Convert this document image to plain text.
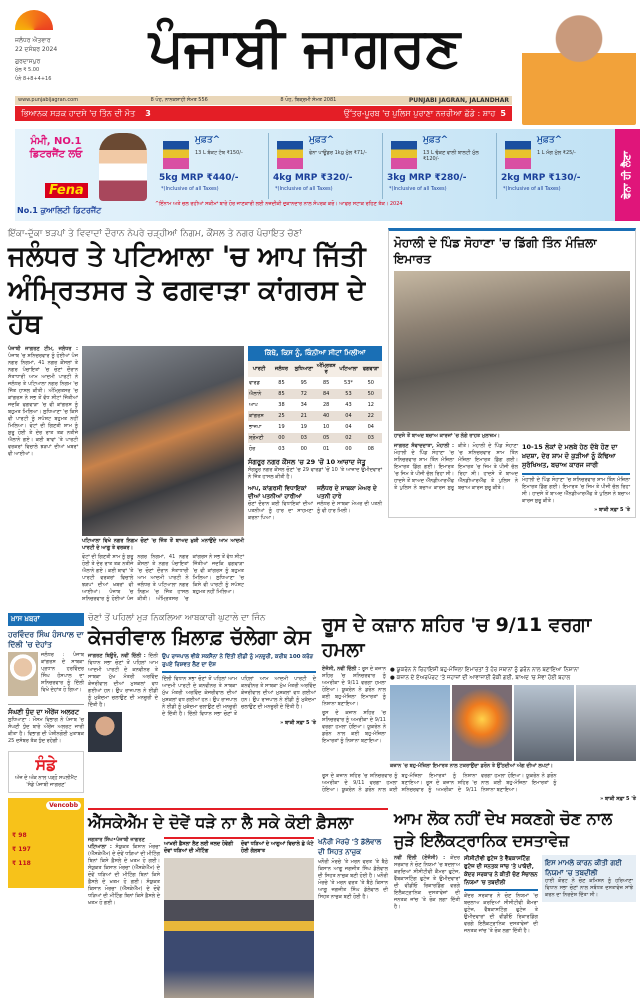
ਜਲੰਧਰ ਐਤਵਾਰ
22 ਦਸੰਬਰ 2024
ਗੁਰਦਾਸਪੁਰ
ਮੁੱਲ ₹ 5.00
ਪੰਨੇ 8+8+4+16	ਪੰਜਾਬੀ ਜਾਗਰਣ
www.punjabijagran.com	8 ਪੋਹ, ਨਾਨਕਸ਼ਾਹੀ ਸੰਮਤ 556	8 ਪੋਹ, ਬਿਕ੍ਰਮੀ ਸੰਮਤ 2081	PUNJABI JAGRAN, JALANDHAR
ਭਿਆਨਕ ਸੜਕ ਹਾਦਸੇ 'ਚ ਤਿੰਨ ਦੀ ਮੌਤ 3	ਉੱਤਰ-ਪੂਰਬ 'ਚ ਪੁਲਿਸ ਪੁਰਾਣਾ ਨਜ਼ਰੀਆ ਛੱਡੇ : ਸ਼ਾਹ 5
ਮੰਮੀ, NO.1 ਡਿਟਰਜੈਂਟ ਲਓ
Fena
No.1 ਕੁਆਲਿਟੀ ਡਿਟਰਜੈਂਟ
ਮੁਫ਼ਤ^
13 L ਬੱਕਟ ਟੱਬ ₹150/-
5kg MRP ₹440/-
*(Inclusive of all Taxes)
ਮੁਫ਼ਤ^
ਫੇਨਾ ਪਾਊਡਰ 1kg ਮੁੱਲ ₹71/-
4kg MRP ₹320/-
*(Inclusive of all Taxes)
ਮੁਫ਼ਤ^
13 L ਢੱਕਣ ਵਾਲੀ ਬਾਲਟੀ ਮੁੱਲ ₹120/-
3kg MRP ₹280/-
*(Inclusive of all Taxes)
ਮੁਫ਼ਤ^
1 L ਮੱਗ ਮੁੱਲ ₹25/-
2kg MRP ₹130/-
*(Inclusive of all Taxes)
^ਇੰਨਾਮ ਅਤੇ ਚਲ ਰਹੀਆਂ ਸਕੀਮਾਂ ਬਾਰੇ ਹੋਰ ਜਾਣਕਾਰੀ ਲਈ ਨਜ਼ਦੀਕੀ ਦੁਕਾਨਦਾਰ ਨਾਲ ਸੰਪਰਕ ਕਰੋ। ਆਫਰ ਸਟਾਕ ਰਹਿਣ ਤੱਕ। 2024
ਫੇਨਾ ਹੀ ਲੈਣਾ
ਇੱਕਾ-ਦੁੱਕਾ ਝੜਪਾਂ ਤੇ ਵਿਵਾਦਾਂ ਦੌਰਾਨ ਨੇਪਰੇ ਚੜ੍ਹੀਆਂ ਨਿਗਮ, ਕੌਂਸਲ ਤੇ ਨਗਰ ਪੰਚਾਇਤ ਚੋਣਾਂ
ਜਲੰਧਰ ਤੇ ਪਟਿਆਲਾ 'ਚ ਆਪ ਜਿੱਤੀ
ਅੰਮ੍ਰਿਤਸਰ ਤੇ ਫਗਵਾੜਾ ਕਾਂਗਰਸ ਦੇ ਹੱਥ
ਪੰਜਾਬੀ ਜਾਗਰਣ ਟੀਮ, ਜਲੰਧਰ : ਪੰਜਾਬ 'ਚ ਸ਼ਨਿਚਰਵਾਰ ਨੂੰ ਹੋਈਆਂ ਪੰਜ ਨਗਰ ਨਿਗਮਾਂ, 41 ਨਗਰ ਕੌਂਸਲਾਂ ਤੇ ਨਗਰ ਪੰਚਾਇਤਾਂ 'ਚ ਚੋਣਾਂ ਦੌਰਾਨ ਸੱਤਾਧਾਰੀ ਆਮ ਆਦਮੀ ਪਾਰਟੀ ਨੇ ਜਲੰਧਰ ਤੇ ਪਟਿਆਲਾ ਨਗਰ ਨਿਗਮ 'ਚ ਜਿੱਤ ਹਾਸਲ ਕੀਤੀ। ਅੰਮ੍ਰਿਤਸਰ 'ਚ ਕਾਂਗਰਸ ਨੇ ਸਭ ਤੋਂ ਵੱਧ ਸੀਟਾਂ ਜਿੱਤੀਆਂ ਜਦਕਿ ਫਗਵਾੜਾ 'ਚ ਵੀ ਕਾਂਗਰਸ ਨੂੰ ਬਹੁਮਤ ਮਿਲਿਆ। ਲੁਧਿਆਣਾ 'ਚ ਕਿਸੇ ਵੀ ਪਾਰਟੀ ਨੂੰ ਸਪੱਸ਼ਟ ਬਹੁਮਤ ਨਹੀਂ ਮਿਲਿਆ। ਵੋਟਾਂ ਦੀ ਗਿਣਤੀ ਸ਼ਾਮ ਨੂੰ ਸ਼ੁਰੂ ਹੋਈ ਤੇ ਦੇਰ ਰਾਤ ਤਕ ਨਤੀਜੇ ਐਲਾਨੇ ਗਏ। ਕਈ ਥਾਵਾਂ 'ਤੇ ਪਾਰਟੀ ਵਰਕਰਾਂ ਵਿਚਾਲੇ ਝੜਪਾਂ ਦੀਆਂ ਖ਼ਬਰਾਂ ਵੀ ਆਈਆਂ।
ਪਟਿਆਲਾ ਵਿਖੇ ਨਗਰ ਨਿਗਮ ਚੋਣਾਂ 'ਚ ਜਿੱਤ ਤੋਂ ਬਾਅਦ ਖ਼ੁਸ਼ੀ ਮਨਾਉਂਦੇ ਆਮ ਆਦਮੀ ਪਾਰਟੀ ਦੇ ਆਗੂ ਤੇ ਵਰਕਰ।
ਵੋਟਾਂ ਦੀ ਗਿਣਤੀ ਸ਼ਾਮ ਨੂੰ ਸ਼ੁਰੂ ਹੋਈ ਤੇ ਦੇਰ ਰਾਤ ਤਕ ਨਤੀਜੇ ਐਲਾਨੇ ਗਏ। ਕਈ ਥਾਵਾਂ 'ਤੇ ਪਾਰਟੀ ਵਰਕਰਾਂ ਵਿਚਾਲੇ ਝੜਪਾਂ ਦੀਆਂ ਖ਼ਬਰਾਂ ਵੀ ਆਈਆਂ। ਪੰਜਾਬ 'ਚ ਸ਼ਨਿਚਰਵਾਰ ਨੂੰ ਹੋਈਆਂ ਪੰਜ ਨਗਰ ਨਿਗਮਾਂ, 41 ਨਗਰ ਕੌਂਸਲਾਂ ਤੇ ਨਗਰ ਪੰਚਾਇਤਾਂ 'ਚ ਚੋਣਾਂ ਦੌਰਾਨ ਸੱਤਾਧਾਰੀ ਆਮ ਆਦਮੀ ਪਾਰਟੀ ਨੇ ਜਲੰਧਰ ਤੇ ਪਟਿਆਲਾ ਨਗਰ ਨਿਗਮ 'ਚ ਜਿੱਤ ਹਾਸਲ ਕੀਤੀ। ਅੰਮ੍ਰਿਤਸਰ 'ਚ ਕਾਂਗਰਸ ਨੇ ਸਭ ਤੋਂ ਵੱਧ ਸੀਟਾਂ ਜਿੱਤੀਆਂ ਜਦਕਿ ਫਗਵਾੜਾ 'ਚ ਵੀ ਕਾਂਗਰਸ ਨੂੰ ਬਹੁਮਤ ਮਿਲਿਆ। ਲੁਧਿਆਣਾ 'ਚ ਕਿਸੇ ਵੀ ਪਾਰਟੀ ਨੂੰ ਸਪੱਸ਼ਟ ਬਹੁਮਤ ਨਹੀਂ ਮਿਲਿਆ।
ਕਿੱਥੇ, ਕਿਸ ਨੂੰ, ਕਿੰਨੀਆਂ ਸੀਟਾਂ ਮਿਲੀਆਂ
ਪਾਰਟੀ	ਜਲੰਧਰ	ਲੁਧਿਆਣਾ	ਅੰਮ੍ਰਿਤਸਰ	ਪਟਿਆਲਾ	ਫਗਵਾੜਾ
ਵਾਰਡ	85	95	85	53*	50
ਐਲਾਨੇ	85	72	84	53	50
ਆਪ	38	34	28	43	12
ਕਾਂਗਰਸ	25	21	40	04	22
ਭਾਜਪਾ	19	19	10	04	04
ਸ਼੍ਰੋਮਣੀ	00	03	05	02	03
ਹੋਰ	03	00	01	00	08
ਸੰਗਰੂਰ ਨਗਰ ਕੌਂਸਲ 'ਚ 29 'ਚੋਂ 10 ਆਜ਼ਾਦ ਜੇਤੂ
ਸੰਗਰੂਰ ਨਗਰ ਕੌਂਸਲ ਚੋਣਾਂ 'ਚ 29 ਵਾਰਡਾਂ 'ਚੋਂ 10 'ਤੇ ਆਜ਼ਾਦ ਉਮੀਦਵਾਰਾਂ ਨੇ ਜਿੱਤ ਹਾਸਲ ਕੀਤੀ ਹੈ।
ਆਪ, ਕਾਂਗਰਸੀ ਵਿਧਾਇਕਾਂ ਦੀਆਂ ਪਤਨੀਆਂ ਹਾਰੀਆਂ
ਚੋਣਾਂ ਦੌਰਾਨ ਕਈ ਵਿਧਾਇਕਾਂ ਦੀਆਂ ਪਤਨੀਆਂ ਨੂੰ ਹਾਰ ਦਾ ਸਾਹਮਣਾ ਕਰਨਾ ਪਿਆ।
ਜਲੰਧਰ ਦੇ ਸਾਬਕਾ ਮੇਅਰ ਦੇ ਪਤਨੀ ਹਾਰੇ
ਜਲੰਧਰ ਦੇ ਸਾਬਕਾ ਮੇਅਰ ਦੀ ਪਤਨੀ ਨੂੰ ਵੀ ਹਾਰ ਮਿਲੀ।
ਮੋਹਾਲੀ ਦੇ ਪਿੰਡ ਸੋਹਾਣਾ 'ਚ ਡਿੱਗੀ ਤਿੰਨ ਮੰਜ਼ਿਲਾ ਇਮਾਰਤ
ਹਾਦਸੇ ਤੋਂ ਬਾਅਦ ਬਚਾਅ ਕਾਰਜਾਂ 'ਚ ਲੱਗੇ ਰਾਹਤ ਮੁਲਾਜ਼ਮ।
ਜਾਗਰਣ ਸੰਵਾਦਦਾਤਾ, ਮੋਹਾਲੀ : ਮੋਹਾਲੀ ਦੇ ਪਿੰਡ ਸੋਹਾਣਾ 'ਚ ਸ਼ਨਿਚਰਵਾਰ ਸ਼ਾਮ ਤਿੰਨ ਮੰਜ਼ਿਲਾ ਇਮਾਰਤ ਡਿੱਗ ਗਈ। ਇਮਾਰਤ 'ਚ ਜਿਮ ਤੇ ਪੀਜੀ ਚੱਲ ਰਿਹਾ ਸੀ। ਹਾਦਸੇ ਤੋਂ ਬਾਅਦ ਐੱਨਡੀਆਰਐੱਫ ਤੇ ਪੁਲਿਸ ਨੇ ਬਚਾਅ ਕਾਰਜ ਸ਼ੁਰੂ ਕੀਤੇ। ਮੋਹਾਲੀ ਦੇ ਪਿੰਡ ਸੋਹਾਣਾ 'ਚ ਸ਼ਨਿਚਰਵਾਰ ਸ਼ਾਮ ਤਿੰਨ ਮੰਜ਼ਿਲਾ ਇਮਾਰਤ ਡਿੱਗ ਗਈ। ਇਮਾਰਤ 'ਚ ਜਿਮ ਤੇ ਪੀਜੀ ਚੱਲ ਰਿਹਾ ਸੀ। ਹਾਦਸੇ ਤੋਂ ਬਾਅਦ ਐੱਨਡੀਆਰਐੱਫ ਤੇ ਪੁਲਿਸ ਨੇ ਬਚਾਅ ਕਾਰਜ ਸ਼ੁਰੂ ਕੀਤੇ।
10-15 ਲੋਕਾਂ ਦੇ ਮਲਬੇ ਹੇਠ ਦੱਬੇ ਹੋਣ ਦਾ ਖ਼ਦਸ਼ਾ, ਦੇਰ ਸ਼ਾਮ ਦੋ ਕੁੜੀਆਂ ਨੂੰ ਕੱਢਿਆ ਸੁਰੱਖਿਅਤ, ਬਚਾਅ ਕਾਰਜ ਜਾਰੀ
ਮੋਹਾਲੀ ਦੇ ਪਿੰਡ ਸੋਹਾਣਾ 'ਚ ਸ਼ਨਿਚਰਵਾਰ ਸ਼ਾਮ ਤਿੰਨ ਮੰਜ਼ਿਲਾ ਇਮਾਰਤ ਡਿੱਗ ਗਈ। ਇਮਾਰਤ 'ਚ ਜਿਮ ਤੇ ਪੀਜੀ ਚੱਲ ਰਿਹਾ ਸੀ। ਹਾਦਸੇ ਤੋਂ ਬਾਅਦ ਐੱਨਡੀਆਰਐੱਫ ਤੇ ਪੁਲਿਸ ਨੇ ਬਚਾਅ ਕਾਰਜ ਸ਼ੁਰੂ ਕੀਤੇ।
» ਬਾਕੀ ਸਫ਼ਾ 5 'ਤੇ
ਖ਼ਾਸ ਖ਼ਬਰਾਂ
ਹਰਵਿੰਦਰ ਸਿੰਘ ਹੰਸਪਾਲ ਦਾ ਦਿੱਲੀ 'ਚ ਦੇਹਾਂਤ
ਜਲੰਧਰ : ਪੰਜਾਬ ਕਾਂਗਰਸ ਦੇ ਸਾਬਕਾ ਪ੍ਰਧਾਨ ਹਰਵਿੰਦਰ ਸਿੰਘ ਹੰਸਪਾਲ ਦਾ ਸ਼ਨਿਚਰਵਾਰ ਨੂੰ ਦਿੱਲੀ ਵਿਖੇ ਦੇਹਾਂਤ ਹੋ ਗਿਆ।
ਸੰਘਣੀ ਧੁੰਦ ਦਾ ਔਰੇਂਜ ਅਲਰਟ
ਲੁਧਿਆਣਾ : ਮੌਸਮ ਵਿਭਾਗ ਨੇ ਪੰਜਾਬ 'ਚ ਸੰਘਣੀ ਧੁੰਦ ਬਾਰੇ ਔਰੇਂਜ ਅਲਰਟ ਜਾਰੀ ਕੀਤਾ ਹੈ। ਵਿਭਾਗ ਦੀ ਪੇਸ਼ੀਨਗੋਈ ਮੁਤਾਬਕ 25 ਦਸੰਬਰ ਤੱਕ ਧੁੰਦ ਰਹੇਗੀ।
ਸੰਡੇ
ਅੱਜ ਦੇ ਅੰਕ ਨਾਲ ਪੜ੍ਹੋ ਸਪਲੀਮੈਂਟ 'ਸੰਡੇ ਪੰਜਾਬੀ ਜਾਗਰਣ'
Vencobb
₹ 98
₹ 197
₹ 118
ਚੋਣਾਂ ਤੋਂ ਪਹਿਲਾਂ ਮੁੜ ਨਿਕਲਿਆ ਆਬਕਾਰੀ ਘੁਟਾਲੇ ਦਾ ਜਿੰਨ
ਕੇਜਰੀਵਾਲ ਖ਼ਿਲਾਫ਼ ਚੱਲੇਗਾ ਕੇਸ
ਜਾਗਰਣ ਬਿਊਰੋ, ਨਵੀਂ ਦਿੱਲੀ : ਦਿੱਲੀ ਵਿਧਾਨ ਸਭਾ ਚੋਣਾਂ ਤੋਂ ਪਹਿਲਾਂ ਆਮ ਆਦਮੀ ਪਾਰਟੀ ਦੇ ਕਨਵੀਨਰ ਤੇ ਸਾਬਕਾ ਮੁੱਖ ਮੰਤਰੀ ਅਰਵਿੰਦ ਕੇਜਰੀਵਾਲ ਦੀਆਂ ਮੁਸ਼ਕਲਾਂ ਵਧ ਗਈਆਂ ਹਨ। ਉਪ ਰਾਜਪਾਲ ਨੇ ਈਡੀ ਨੂੰ ਮੁਕੱਦਮਾ ਚਲਾਉਣ ਦੀ ਮਨਜ਼ੂਰੀ ਦੇ ਦਿੱਤੀ ਹੈ।
ਉਪ ਰਾਜਪਾਲ ਵੀਕੇ ਸਕਸੈਨਾ ਨੇ ਦਿੱਤੀ ਈਡੀ ਨੂੰ ਮਨਜ਼ੂਰੀ, ਕਰੀਬ 100 ਕਰੋੜ ਰੁਪਏ ਰਿਸ਼ਵਤ ਲੈਣ ਦਾ ਦੋਸ਼
ਦਿੱਲੀ ਵਿਧਾਨ ਸਭਾ ਚੋਣਾਂ ਤੋਂ ਪਹਿਲਾਂ ਆਮ ਆਦਮੀ ਪਾਰਟੀ ਦੇ ਕਨਵੀਨਰ ਤੇ ਸਾਬਕਾ ਮੁੱਖ ਮੰਤਰੀ ਅਰਵਿੰਦ ਕੇਜਰੀਵਾਲ ਦੀਆਂ ਮੁਸ਼ਕਲਾਂ ਵਧ ਗਈਆਂ ਹਨ। ਉਪ ਰਾਜਪਾਲ ਨੇ ਈਡੀ ਨੂੰ ਮੁਕੱਦਮਾ ਚਲਾਉਣ ਦੀ ਮਨਜ਼ੂਰੀ ਦੇ ਦਿੱਤੀ ਹੈ। ਦਿੱਲੀ ਵਿਧਾਨ ਸਭਾ ਚੋਣਾਂ ਤੋਂ ਪਹਿਲਾਂ ਆਮ ਆਦਮੀ ਪਾਰਟੀ ਦੇ ਕਨਵੀਨਰ ਤੇ ਸਾਬਕਾ ਮੁੱਖ ਮੰਤਰੀ ਅਰਵਿੰਦ ਕੇਜਰੀਵਾਲ ਦੀਆਂ ਮੁਸ਼ਕਲਾਂ ਵਧ ਗਈਆਂ ਹਨ। ਉਪ ਰਾਜਪਾਲ ਨੇ ਈਡੀ ਨੂੰ ਮੁਕੱਦਮਾ ਚਲਾਉਣ ਦੀ ਮਨਜ਼ੂਰੀ ਦੇ ਦਿੱਤੀ ਹੈ।
» ਬਾਕੀ ਸਫ਼ਾ 5 'ਤੇ
ਰੂਸ ਦੇ ਕਜ਼ਾਨ ਸ਼ਹਿਰ 'ਚ 9/11 ਵਰਗਾ ਹਮਲਾ
ਏਜੰਸੀ, ਨਵੀਂ ਦਿੱਲੀ : ਰੂਸ ਦੇ ਕਜ਼ਾਨ ਸ਼ਹਿਰ 'ਚ ਸ਼ਨਿਚਰਵਾਰ ਨੂੰ ਅਮਰੀਕਾ ਦੇ 9/11 ਵਰਗਾ ਹਮਲਾ ਹੋਇਆ। ਯੂਕਰੇਨ ਨੇ ਡਰੋਨ ਨਾਲ ਕਈ ਬਹੁ-ਮੰਜ਼ਿਲਾ ਇਮਾਰਤਾਂ ਨੂੰ ਨਿਸ਼ਾਨਾ ਬਣਾਇਆ।
ਰੂਸ ਦੇ ਕਜ਼ਾਨ ਸ਼ਹਿਰ 'ਚ ਸ਼ਨਿਚਰਵਾਰ ਨੂੰ ਅਮਰੀਕਾ ਦੇ 9/11 ਵਰਗਾ ਹਮਲਾ ਹੋਇਆ। ਯੂਕਰੇਨ ਨੇ ਡਰੋਨ ਨਾਲ ਕਈ ਬਹੁ-ਮੰਜ਼ਿਲਾ ਇਮਾਰਤਾਂ ਨੂੰ ਨਿਸ਼ਾਨਾ ਬਣਾਇਆ।
● ਯੂਕਰੇਨ ਨੇ ਰਿਹਾਇਸ਼ੀ ਬਹੁ-ਮੰਜ਼ਿਲਾ ਇਮਾਰਤਾਂ ਤੇ ਹੋਰ ਸਥਾਨਾਂ ਨੂੰ ਡਰੋਨ ਨਾਲ ਬਣਾਇਆ ਨਿਸ਼ਾਨਾ
● ਕਜ਼ਾਨ ਦੇ ਏਅਰਪੋਰਟ 'ਤੇ ਜਹਾਜ਼ਾਂ ਦੀ ਆਵਾਜਾਈ ਰੋਕੀ ਗਈ, ਬਾਅਦ 'ਚ ਸੇਵਾ ਹੋਈ ਬਹਾਲ
ਕਜ਼ਾਨ 'ਚ ਬਹੁ-ਮੰਜ਼ਿਲਾ ਇਮਾਰਤ ਨਾਲ ਟਕਰਾਉਂਦਾ ਡਰੋਨ ਤੇ ਉੱਠਦੀਆਂ ਅੱਗ ਦੀਆਂ ਲਪਟਾਂ।
ਰੂਸ ਦੇ ਕਜ਼ਾਨ ਸ਼ਹਿਰ 'ਚ ਸ਼ਨਿਚਰਵਾਰ ਨੂੰ ਅਮਰੀਕਾ ਦੇ 9/11 ਵਰਗਾ ਹਮਲਾ ਹੋਇਆ। ਯੂਕਰੇਨ ਨੇ ਡਰੋਨ ਨਾਲ ਕਈ ਬਹੁ-ਮੰਜ਼ਿਲਾ ਇਮਾਰਤਾਂ ਨੂੰ ਨਿਸ਼ਾਨਾ ਬਣਾਇਆ। ਰੂਸ ਦੇ ਕਜ਼ਾਨ ਸ਼ਹਿਰ 'ਚ ਸ਼ਨਿਚਰਵਾਰ ਨੂੰ ਅਮਰੀਕਾ ਦੇ 9/11 ਵਰਗਾ ਹਮਲਾ ਹੋਇਆ। ਯੂਕਰੇਨ ਨੇ ਡਰੋਨ ਨਾਲ ਕਈ ਬਹੁ-ਮੰਜ਼ਿਲਾ ਇਮਾਰਤਾਂ ਨੂੰ ਨਿਸ਼ਾਨਾ ਬਣਾਇਆ।
» ਬਾਕੀ ਸਫ਼ਾ 5 'ਤੇ
ਐੱਸਕੇਐੱਮ ਦੇ ਦੋਵੇਂ ਧੜੇ ਨਾ ਲੈ ਸਕੇ ਕੋਈ ਫ਼ੈਸਲਾ
ਜਗਤਾਰ ਸਿੰਘ•ਪੰਜਾਬੀ ਜਾਗਰਣ
ਪਟਿਆਲਾ : ਸੰਯੁਕਤ ਕਿਸਾਨ ਮੋਰਚਾ (ਐੱਸਕੇਐੱਮ) ਦੇ ਦੋਵੇਂ ਧੜਿਆਂ ਦੀ ਮੀਟਿੰਗ ਬਿਨਾਂ ਕਿਸੇ ਫ਼ੈਸਲੇ ਦੇ ਖ਼ਤਮ ਹੋ ਗਈ। ਸੰਯੁਕਤ ਕਿਸਾਨ ਮੋਰਚਾ (ਐੱਸਕੇਐੱਮ) ਦੇ ਦੋਵੇਂ ਧੜਿਆਂ ਦੀ ਮੀਟਿੰਗ ਬਿਨਾਂ ਕਿਸੇ ਫ਼ੈਸਲੇ ਦੇ ਖ਼ਤਮ ਹੋ ਗਈ। ਸੰਯੁਕਤ ਕਿਸਾਨ ਮੋਰਚਾ (ਐੱਸਕੇਐੱਮ) ਦੇ ਦੋਵੇਂ ਧੜਿਆਂ ਦੀ ਮੀਟਿੰਗ ਬਿਨਾਂ ਕਿਸੇ ਫ਼ੈਸਲੇ ਦੇ ਖ਼ਤਮ ਹੋ ਗਈ।
ਆਖ਼ਰੀ ਫ਼ੈਸਲਾ ਲੈਣ ਲਈ ਜਲਦ ਹੋਵੇਗੀ ਦੋਵਾਂ ਧੜਿਆਂ ਦੀ ਮੀਟਿੰਗ
ਦੋਵਾਂ ਧੜਿਆਂ ਦੇ ਆਗੂਆਂ ਵਿਚਾਲੇ ਛੇ ਘੰਟੇ ਹੋਈ ਗੱਲਬਾਤ
ਖਨੌਰੀ ਮੋਰਚੇ 'ਤੇ ਡੱਲੇਵਾਲ ਦੀ ਸਿਹਤ ਨਾਜ਼ੁਕ
ਖਨੌਰੀ ਮੋਰਚੇ 'ਤੇ ਮਰਨ ਵਰਤ 'ਤੇ ਬੈਠੇ ਕਿਸਾਨ ਆਗੂ ਜਗਜੀਤ ਸਿੰਘ ਡੱਲੇਵਾਲ ਦੀ ਸਿਹਤ ਨਾਜ਼ੁਕ ਬਣੀ ਹੋਈ ਹੈ। ਖਨੌਰੀ ਮੋਰਚੇ 'ਤੇ ਮਰਨ ਵਰਤ 'ਤੇ ਬੈਠੇ ਕਿਸਾਨ ਆਗੂ ਜਗਜੀਤ ਸਿੰਘ ਡੱਲੇਵਾਲ ਦੀ ਸਿਹਤ ਨਾਜ਼ੁਕ ਬਣੀ ਹੋਈ ਹੈ।
ਆਮ ਲੋਕ ਨਹੀਂ ਦੇਖ ਸਕਣਗੇ ਚੋਣ ਨਾਲ ਜੁੜੇ ਇਲੈਕਟ੍ਰਾਨਿਕ ਦਸਤਾਵੇਜ਼
ਨਵੀਂ ਦਿੱਲੀ (ਏਜੰਸੀ) : ਕੇਂਦਰ ਸਰਕਾਰ ਨੇ ਚੋਣ ਨਿਯਮਾਂ 'ਚ ਬਦਲਾਅ ਕਰਦਿਆਂ ਸੀਸੀਟੀਵੀ ਕੈਮਰਾ ਫੁਟੇਜ, ਵੈੱਬਕਾਸਟਿੰਗ ਫੁਟੇਜ ਤੇ ਉਮੀਦਵਾਰਾਂ ਦੀ ਵੀਡੀਓ ਰਿਕਾਰਡਿੰਗ ਵਰਗੇ ਇਲੈਕਟ੍ਰਾਨਿਕ ਦਸਤਾਵੇਜ਼ਾਂ ਦੀ ਜਨਤਕ ਜਾਂਚ 'ਤੇ ਰੋਕ ਲਗਾ ਦਿੱਤੀ ਹੈ।
ਸੀਸੀਟੀਵੀ ਫੁਟੇਜ ਤੇ ਵੈੱਬਕਾਸਟਿੰਗ ਫੁਟੇਜ ਦੀ ਜਨਤਕ ਜਾਂਚ 'ਤੇ ਪਾਬੰਦੀ, ਕੇਂਦਰ ਸਰਕਾਰ ਨੇ ਕੀਤੀ ਚੋਣ ਸੰਚਾਲਨ ਨਿਯਮਾਂ 'ਚ ਤਬਦੀਲੀ
ਕੇਂਦਰ ਸਰਕਾਰ ਨੇ ਚੋਣ ਨਿਯਮਾਂ 'ਚ ਬਦਲਾਅ ਕਰਦਿਆਂ ਸੀਸੀਟੀਵੀ ਕੈਮਰਾ ਫੁਟੇਜ, ਵੈੱਬਕਾਸਟਿੰਗ ਫੁਟੇਜ ਤੇ ਉਮੀਦਵਾਰਾਂ ਦੀ ਵੀਡੀਓ ਰਿਕਾਰਡਿੰਗ ਵਰਗੇ ਇਲੈਕਟ੍ਰਾਨਿਕ ਦਸਤਾਵੇਜ਼ਾਂ ਦੀ ਜਨਤਕ ਜਾਂਚ 'ਤੇ ਰੋਕ ਲਗਾ ਦਿੱਤੀ ਹੈ।
ਇਸ ਮਾਮਲੇ ਕਾਰਨ ਕੀਤੀ ਗਈ ਨਿਯਮਾਂ 'ਚ ਤਬਦੀਲੀ
ਹਾਈ ਕੋਰਟ ਨੇ ਚੋਣ ਕਮਿਸ਼ਨ ਨੂੰ ਹਰਿਆਣਾ ਵਿਧਾਨ ਸਭਾ ਚੋਣਾਂ ਨਾਲ ਸਬੰਧਤ ਦਸਤਾਵੇਜ਼ ਸਾਂਝੇ ਕਰਨ ਦਾ ਨਿਰਦੇਸ਼ ਦਿੱਤਾ ਸੀ।
